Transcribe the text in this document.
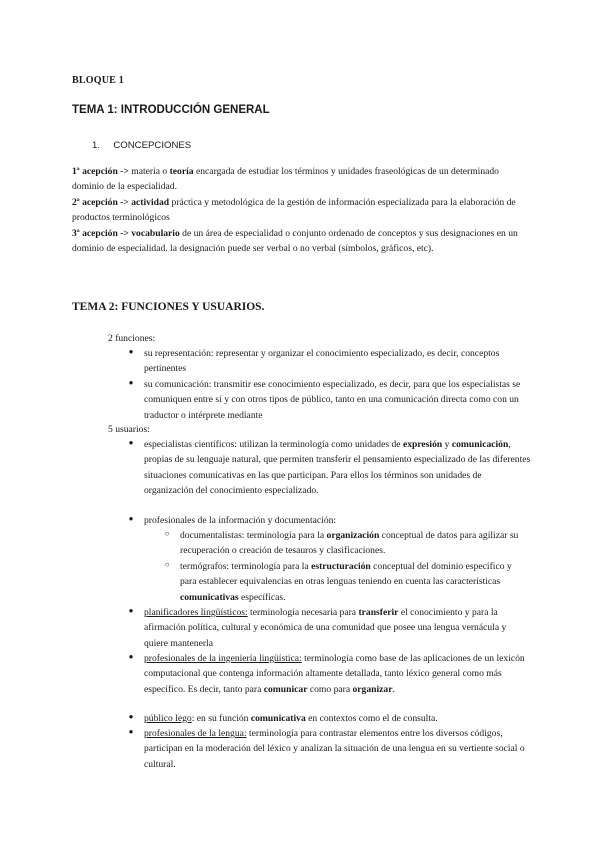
BLOQUE 1
TEMA 1: INTRODUCCIÓN GENERAL
1. CONCEPCIONES

1ª acepción -> materia o teoría encargada de estudiar los términos y unidades fraseológicas de un determinado dominio de la especialidad.

2ª acepción -> actividad práctica y metodológica de la gestión de información especializada para la elaboración de productos terminológicos

3ª acepción -> vocabulario de un área de especialidad o conjunto ordenado de conceptos y sus designaciones en un dominio de especialidad. la designación puede ser verbal o no verbal (símbolos, gráficos, etc).

TEMA 2: FUNCIONES Y USUARIOS.
2 funciones:
● su representación: representar y organizar el conocimiento especializado, es decir, conceptos pertinentes
● su comunicación: transmitir ese conocimiento especializado, es decir, para que los especialistas se comuniquen entre sí y con otros tipos de público, tanto en una comunicación directa como con un traductor o intérprete mediante
5 usuarios:
● especialistas científicos: utilizan la terminología como unidades de expresión y comunicación, propias de su lenguaje natural, que permiten transferir el pensamiento especializado de las diferentes situaciones comunicativas en las que participan. Para ellos los términos son unidades de organización del conocimiento especializado.
● profesionales de la información y documentación:
○ documentalistas: terminología para la organización conceptual de datos para agilizar su recuperación o creación de tesauros y clasificaciones.
○ termógrafos: terminología para la estructuración conceptual del dominio específico y para establecer equivalencias en otras lenguas teniendo en cuenta las características comunicativas específicas.
● planificadores lingüísticos: terminología necesaria para transferir el conocimiento y para la afirmación política, cultural y económica de una comunidad que posee una lengua vernácula y quiere mantenerla
● profesionales de la ingeniería lingüística: terminología como base de las aplicaciones de un lexicón computacional que contenga información altamente detallada, tanto léxico general como más específico. Es decir, tanto para comunicar como para organizar.
● público lego: en su función comunicativa en contextos como el de consulta.
● profesionales de la lengua: terminología para contrastar elementos entre los diversos códigos, participan en la moderación del léxico y analizan la situación de una lengua en su vertiente social o cultural.
